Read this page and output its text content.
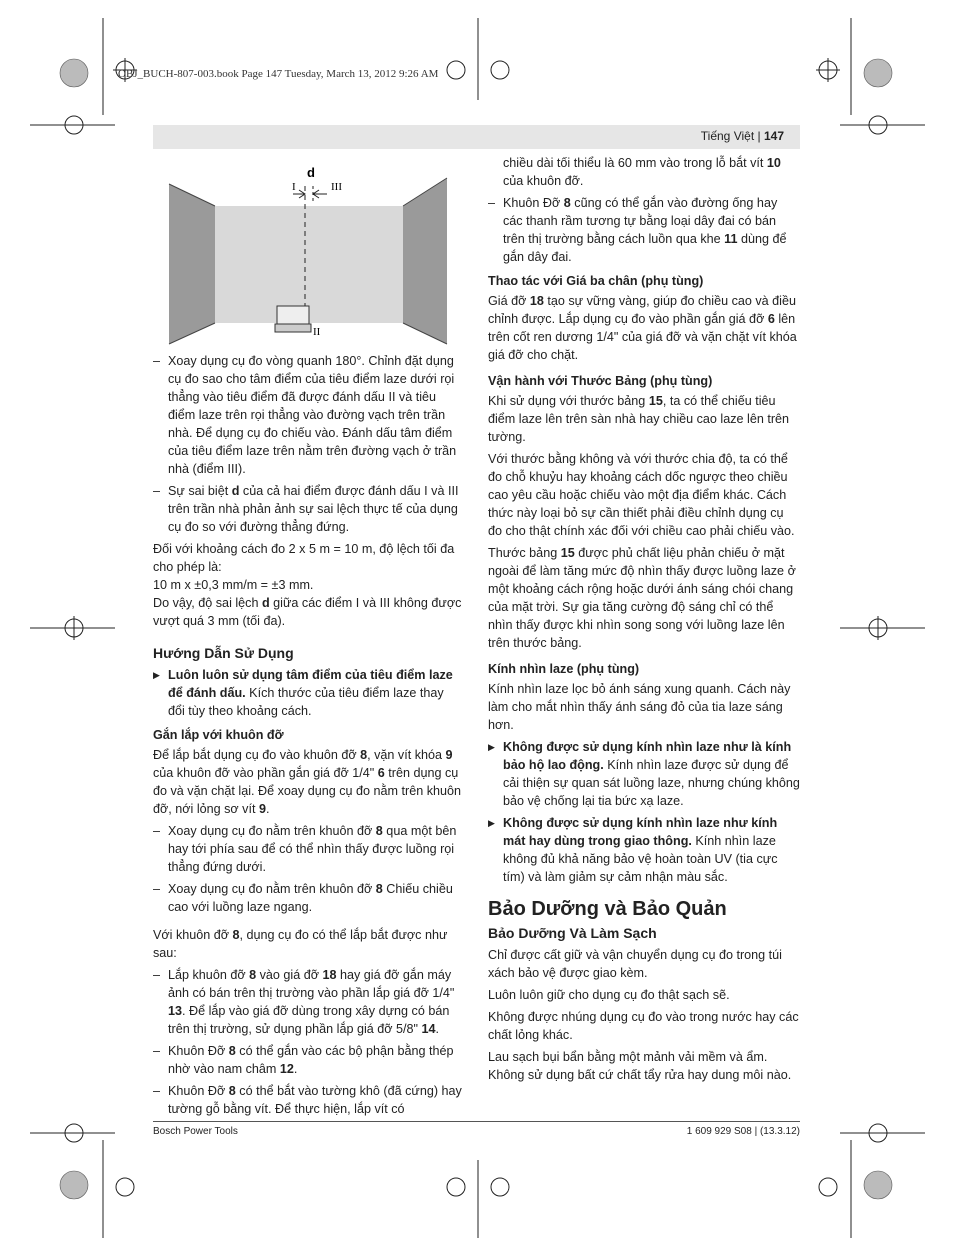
OBJ_BUCH-807-003.book Page 147 Tuesday, March 13, 2012 9:26 AM
Tiếng Việt | 147
d
I	III
II

– Xoay dụng cụ đo vòng quanh 180°. Chỉnh đặt dụng cụ đo sao cho tâm điểm của tiêu điểm laze dưới rọi thẳng vào tiêu điểm đã được đánh dấu II và tiêu điểm laze trên rọi thẳng vào đường vạch trên trần nhà. Để dụng cụ đo chiếu vào. Đánh dấu tâm điểm của tiêu điểm laze trên nằm trên đường vạch ở trần nhà (điểm III).

– Sự sai biệt d của cả hai điểm được đánh dấu I và III trên trần nhà phản ảnh sự sai lệch thực tế của dụng cụ đo so với đường thẳng đứng.

Đối với khoảng cách đo 2 x 5 m = 10 m, độ lệch tối đa cho phép là:

10 m x ±0,3 mm/m = ±3 mm.

Do vậy, độ sai lệch d giữa các điểm I và III không được vượt quá 3 mm (tối đa).

Hướng Dẫn Sử Dụng

▶ Luôn luôn sử dụng tâm điểm của tiêu điểm laze để đánh dấu. Kích thước của tiêu điểm laze thay đổi tùy theo khoảng cách.

Gắn lắp với khuôn đỡ

Để lắp bắt dụng cụ đo vào khuôn đỡ 8, vặn vít khóa 9 của khuôn đỡ vào phần gắn giá đỡ 1/4" 6 trên dụng cụ đo và vặn chặt lại. Để xoay dụng cụ đo nằm trên khuôn đỡ, nới lỏng sơ vít 9.

– Xoay dụng cụ đo nằm trên khuôn đỡ 8 qua một bên hay tới phía sau để có thể nhìn thấy được luồng rọi thẳng đứng dưới.

– Xoay dụng cụ đo nằm trên khuôn đỡ 8 Chiếu chiều cao với luồng laze ngang.

Với khuôn đỡ 8, dụng cụ đo có thể lắp bắt được như sau:

– Lắp khuôn đỡ 8 vào giá đỡ 18 hay giá đỡ gắn máy ảnh có bán trên thị trường vào phần lắp giá đỡ 1/4" 13. Để lắp vào giá đỡ dùng trong xây dựng có bán trên thị trường, sử dụng phần lắp giá đỡ 5/8" 14.

– Khuôn Đỡ 8 có thể gắn vào các bộ phận bằng thép nhờ vào nam châm 12.

– Khuôn Đỡ 8 có thể bắt vào tường khô (đã cứng) hay tường gỗ bằng vít. Để thực hiện, lắp vít có

chiều dài tối thiểu là 60 mm vào trong lỗ bắt vít 10 của khuôn đỡ.

– Khuôn Đỡ 8 cũng có thể gắn vào đường ống hay các thanh rầm tương tự bằng loại dây đai có bán trên thị trường bằng cách luồn qua khe 11 dùng để gắn dây đai.

Thao tác với Giá ba chân (phụ tùng)

Giá đỡ 18 tạo sự vững vàng, giúp đo chiều cao và điều chỉnh được. Lắp dụng cụ đo vào phần gắn giá đỡ 6 lên trên cốt ren dương 1/4" của giá đỡ và vặn chặt vít khóa giá đỡ cho chặt.

Vận hành với Thước Bảng (phụ tùng)

Khi sử dụng với thước bảng 15, ta có thể chiếu tiêu điểm laze lên trên sàn nhà hay chiều cao laze lên trên tường.

Với thước bằng không và với thước chia độ, ta có thể đo chỗ khuỷu hay khoảng cách dốc ngược theo chiều cao yêu cầu hoặc chiếu vào một địa điểm khác. Cách thức này loại bỏ sự cần thiết phải điều chỉnh dụng cụ đo cho thật chính xác đối với chiều cao phải chiếu vào.

Thước bảng 15 được phủ chất liệu phản chiếu ở mặt ngoài để làm tăng mức độ nhìn thấy được luồng laze ở một khoảng cách rộng hoặc dưới ánh sáng chói chang của mặt trời. Sự gia tăng cường độ sáng chỉ có thể nhìn thấy được khi nhìn song song với luồng laze lên trên thước bảng.

Kính nhìn laze (phụ tùng)

Kính nhìn laze lọc bỏ ánh sáng xung quanh. Cách này làm cho mắt nhìn thấy ánh sáng đỏ của tia laze sáng hơn.

▶ Không được sử dụng kính nhìn laze như là kính bảo hộ lao động. Kính nhìn laze được sử dụng để cải thiện sự quan sát luồng laze, nhưng chúng không bảo vệ chống lại tia bức xạ laze.

▶ Không được sử dụng kính nhìn laze như kính mát hay dùng trong giao thông. Kính nhìn laze không đủ khả năng bảo vệ hoàn toàn UV (tia cực tím) và làm giảm sự cảm nhận màu sắc.

Bảo Dưỡng và Bảo Quản
Bảo Dưỡng Và Làm Sạch

Chỉ được cất giữ và vận chuyển dụng cụ đo trong túi xách bảo vệ được giao kèm.

Luôn luôn giữ cho dụng cụ đo thật sạch sẽ.

Không được nhúng dụng cụ đo vào trong nước hay các chất lỏng khác.

Lau sạch bụi bẩn bằng một mảnh vải mềm và ẩm. Không sử dụng bất cứ chất tẩy rửa hay dung môi nào.

Bosch Power Tools	1 609 929 S08 | (13.3.12)
